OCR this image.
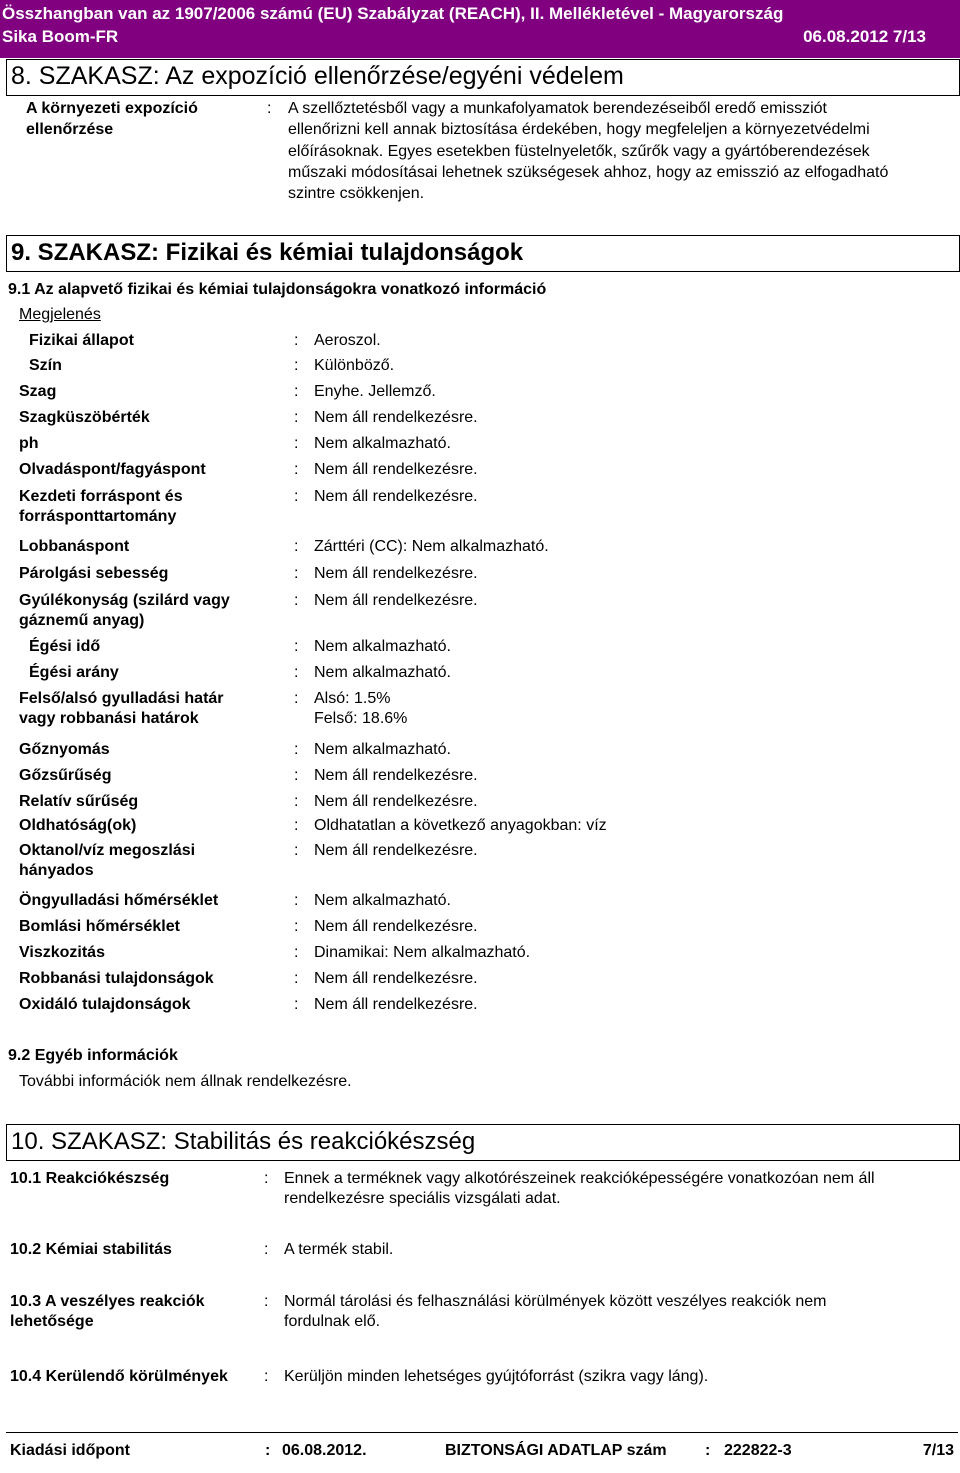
Összhangban van az 1907/2006 számú (EU) Szabályzat (REACH), II. Mellékletével - Magyarország
Sika Boom-FR	06.08.2012 7/13
8. SZAKASZ: Az expozíció ellenőrzése/egyéni védelem
A környezeti expozíció
ellenőrzése
: A szellőztetésből vagy a munkafolyamatok berendezéseiből eredő emissziót
ellenőrizni kell annak biztosítása érdekében, hogy megfeleljen a környezetvédelmi
előírásoknak. Egyes esetekben füstelnyeletők, szűrők vagy a gyártóberendezések
műszaki módosításai lehetnek szükségesek ahhoz, hogy az emisszió az elfogadható
szintre csökkenjen.
9. SZAKASZ: Fizikai és kémiai tulajdonságok
9.1 Az alapvető fizikai és kémiai tulajdonságokra vonatkozó információ
Megjelenés
Fizikai állapot	: Aeroszol.
Szín	: Különböző.
Szag	: Enyhe. Jellemző.
Szagküszöbérték	: Nem áll rendelkezésre.
ph	: Nem alkalmazható.
Olvadáspont/fagyáspont	: Nem áll rendelkezésre.
Kezdeti forráspont és
forrásponttartomány
: Nem áll rendelkezésre.
Lobbanáspont	: Zárttéri (CC): Nem alkalmazható.
Párolgási sebesség	: Nem áll rendelkezésre.
Gyúlékonyság (szilárd vagy
gáznemű anyag)
: Nem áll rendelkezésre.
Égési idő	: Nem alkalmazható.
Égési arány	: Nem alkalmazható.
Felső/alsó gyulladási határ
vagy robbanási határok
: Alsó: 1.5%
Felső: 18.6%
Gőznyomás	: Nem alkalmazható.
Gőzsűrűség	: Nem áll rendelkezésre.
Relatív sűrűség	: Nem áll rendelkezésre.
Oldhatóság(ok)	: Oldhatatlan a következő anyagokban: víz
Oktanol/víz megoszlási
hányados
: Nem áll rendelkezésre.
Öngyulladási hőmérséklet	: Nem alkalmazható.
Bomlási hőmérséklet	: Nem áll rendelkezésre.
Viszkozitás	: Dinamikai: Nem alkalmazható.
Robbanási tulajdonságok	: Nem áll rendelkezésre.
Oxidáló tulajdonságok	: Nem áll rendelkezésre.
9.2 Egyéb információk
További információk nem állnak rendelkezésre.
10. SZAKASZ: Stabilitás és reakciókészség
10.1 Reakciókészség	: Ennek a terméknek vagy alkotórészeinek reakcióképességére vonatkozóan nem áll
rendelkezésre speciális vizsgálati adat.
10.2 Kémiai stabilitás	: A termék stabil.
10.3 A veszélyes reakciók
lehetősége
: Normál tárolási és felhasználási körülmények között veszélyes reakciók nem
fordulnak elő.
10.4 Kerülendő körülmények : Kerüljön minden lehetséges gyújtóforrást (szikra vagy láng).
Kiadási időpont	: 06.08.2012.	BIZTONSÁGI ADATLAP szám : 222822-3	7/13
